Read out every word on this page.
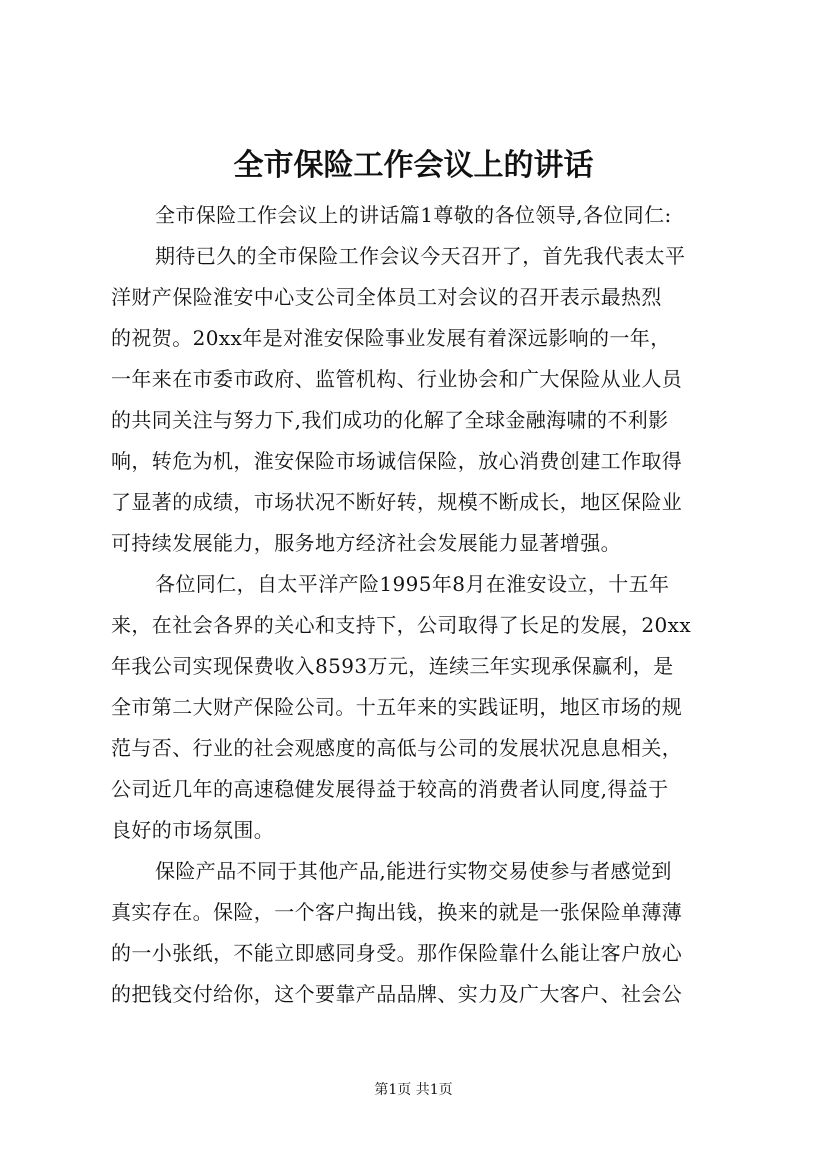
全市保险工作会议上的讲话
全市保险工作会议上的讲话篇1尊敬的各位领导,各位同仁:
期待已久的全市保险工作会议今天召开了，首先我代表太平
洋财产保险淮安中心支公司全体员工对会议的召开表示最热烈
的祝贺。20xx年是对淮安保险事业发展有着深远影响的一年，
一年来在市委市政府、监管机构、行业协会和广大保险从业人员
的共同关注与努力下,我们成功的化解了全球金融海啸的不利影
响，转危为机，淮安保险市场诚信保险，放心消费创建工作取得
了显著的成绩，市场状况不断好转，规模不断成长，地区保险业
可持续发展能力，服务地方经济社会发展能力显著增强。
各位同仁，自太平洋产险1995年8月在淮安设立，十五年
来，在社会各界的关心和支持下，公司取得了长足的发展，20xx
年我公司实现保费收入8593万元，连续三年实现承保赢利，是
全市第二大财产保险公司。十五年来的实践证明，地区市场的规
范与否、行业的社会观感度的高低与公司的发展状况息息相关，
公司近几年的高速稳健发展得益于较高的消费者认同度,得益于
良好的市场氛围。
保险产品不同于其他产品,能进行实物交易使参与者感觉到
真实存在。保险，一个客户掏出钱，换来的就是一张保险单薄薄
的一小张纸，不能立即感同身受。那作保险靠什么能让客户放心
的把钱交付给你，这个要靠产品品牌、实力及广大客户、社会公
第1页 共1页
